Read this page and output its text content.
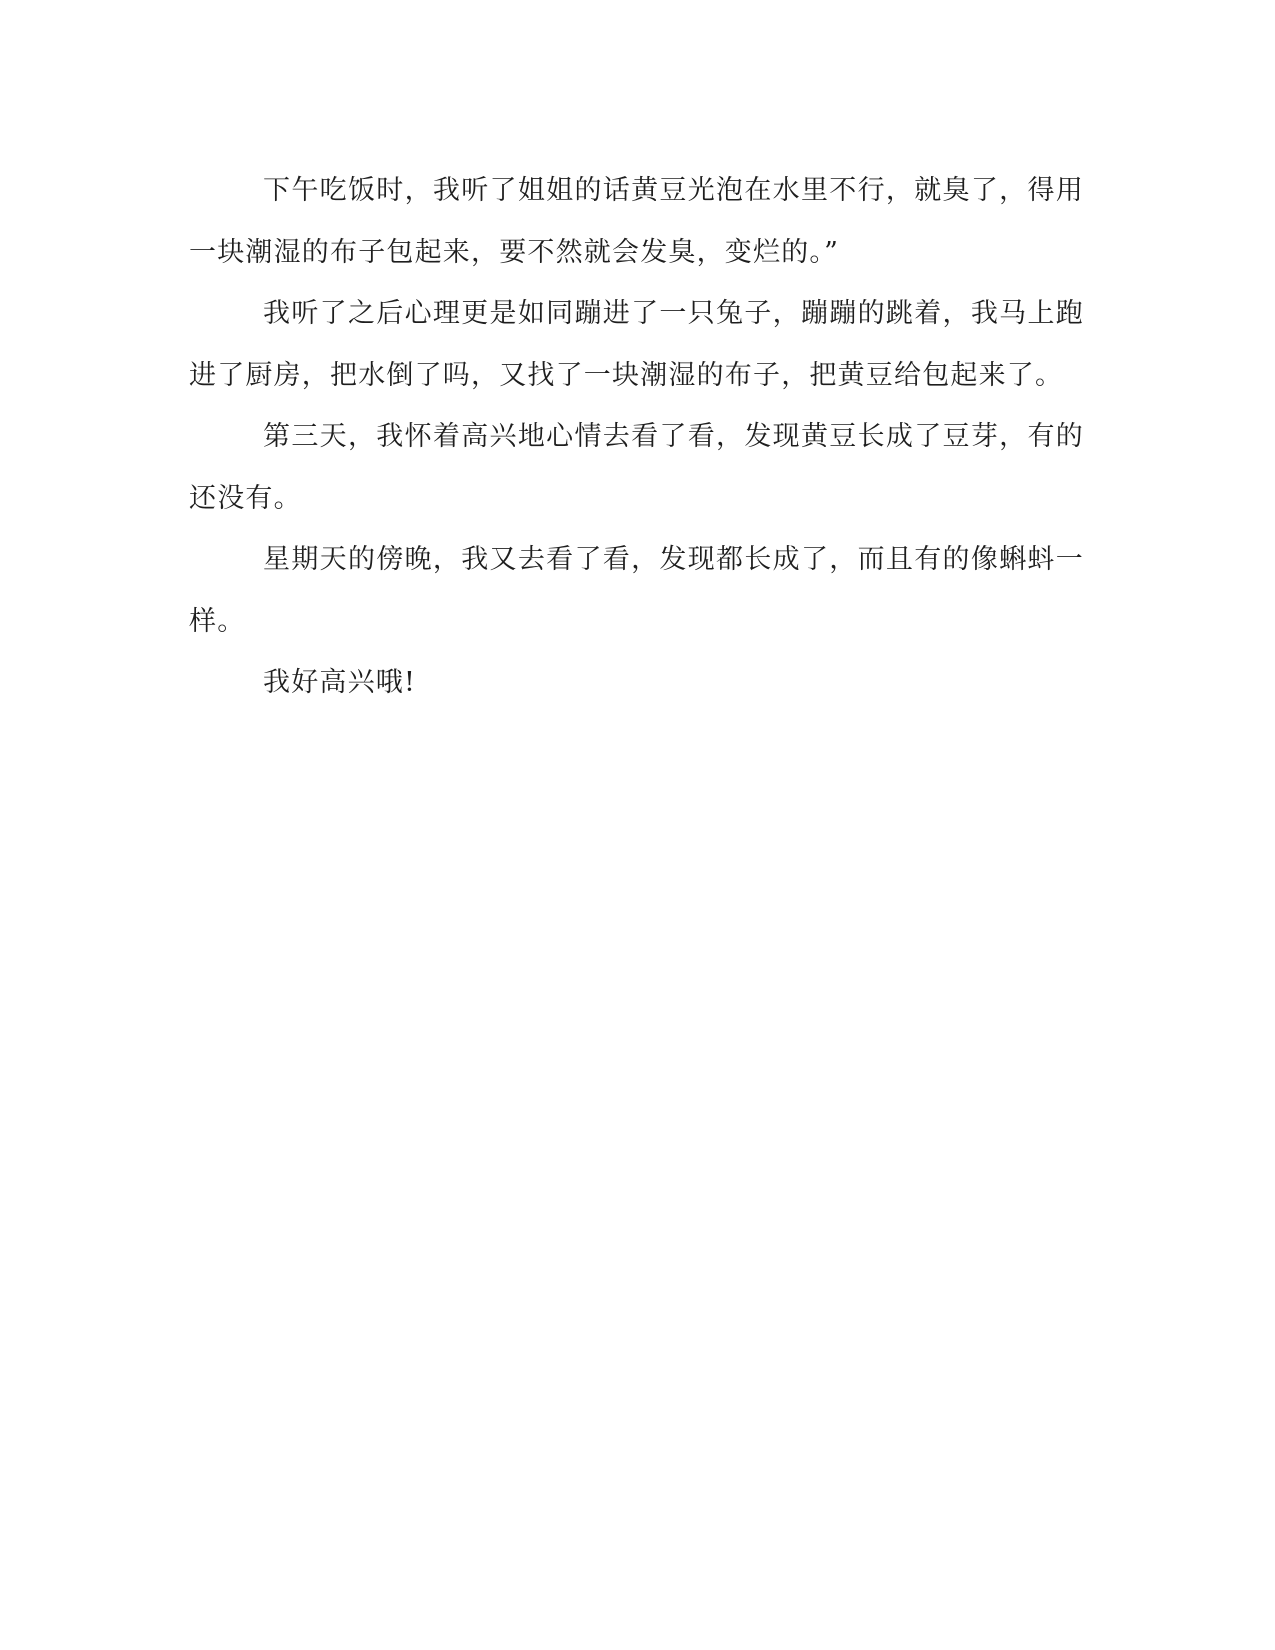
下午吃饭时，我听了姐姐的话黄豆光泡在水里不行，就臭了，得用一块潮湿的布子包起来，要不然就会发臭，变烂的。”

我听了之后心理更是如同蹦进了一只兔子，蹦蹦的跳着，我马上跑进了厨房，把水倒了吗，又找了一块潮湿的布子，把黄豆给包起来了。

第三天，我怀着高兴地心情去看了看，发现黄豆长成了豆芽，有的还没有。

星期天的傍晚，我又去看了看，发现都长成了，而且有的像蝌蚪一样。

我好高兴哦!
